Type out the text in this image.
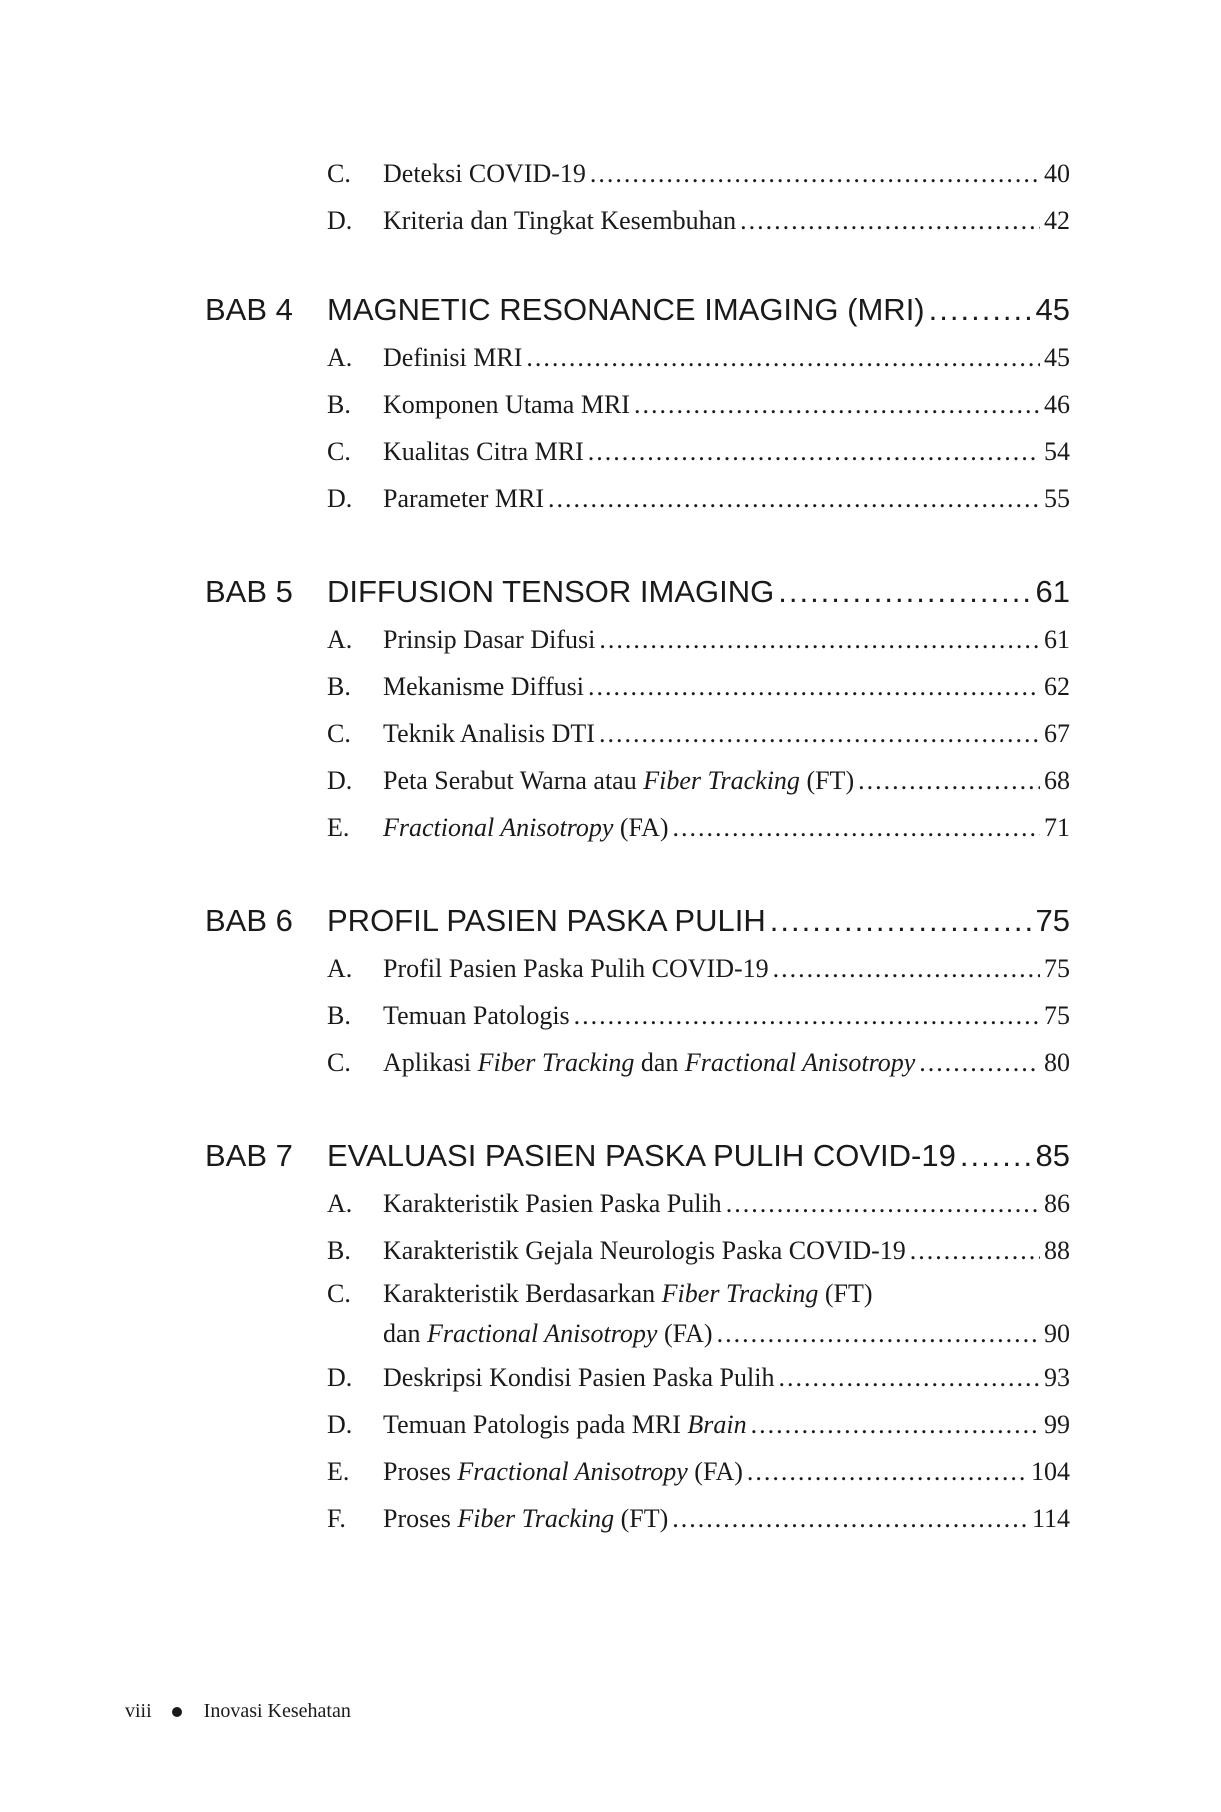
C.	Deteksi COVID-19 .....	40
D.	Kriteria dan Tingkat Kesembuhan .....	42
BAB 4	MAGNETIC RESONANCE IMAGING (MRI) .....	45
A.	Definisi MRI .....	45
B.	Komponen Utama MRI .....	46
C.	Kualitas Citra MRI .....	54
D.	Parameter MRI .....	55
BAB 5	DIFFUSION TENSOR IMAGING .....	61
A.	Prinsip Dasar Difusi .....	61
B.	Mekanisme Diffusi .....	62
C.	Teknik Analisis DTI .....	67
D.	Peta Serabut Warna atau Fiber Tracking (FT) .....	68
E.	Fractional Anisotropy (FA) .....	71
BAB 6	PROFIL PASIEN PASKA PULIH .....	75
A.	Profil Pasien Paska Pulih COVID-19 .....	75
B.	Temuan Patologis .....	75
C.	Aplikasi Fiber Tracking dan Fractional Anisotropy .....	80
BAB 7	EVALUASI PASIEN PASKA PULIH COVID-19 .....	85
A.	Karakteristik Pasien Paska Pulih .....	86
B.	Karakteristik Gejala Neurologis Paska COVID-19 .....	88
C.	Karakteristik Berdasarkan Fiber Tracking (FT)
dan Fractional Anisotropy (FA) .....	90
D.	Deskripsi Kondisi Pasien Paska Pulih .....	93
D.	Temuan Patologis pada MRI Brain .....	99
E.	Proses Fractional Anisotropy (FA) .....	104
F.	Proses Fiber Tracking (FT) .....	114
viii	Inovasi Kesehatan
